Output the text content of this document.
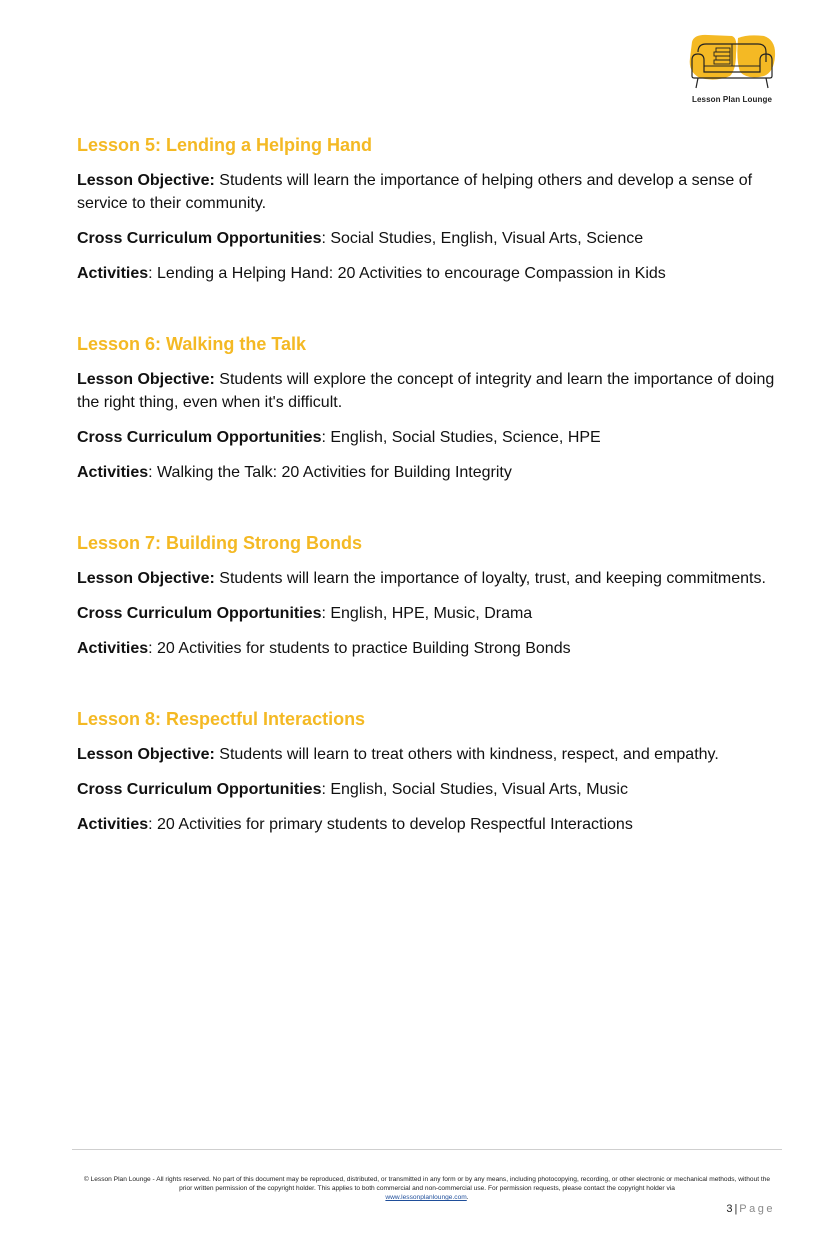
Lesson Plan Lounge
Lesson 5: Lending a Helping Hand

Lesson Objective: Students will learn the importance of helping others and develop a sense of service to their community.

Cross Curriculum Opportunities: Social Studies, English, Visual Arts, Science

Activities: Lending a Helping Hand: 20 Activities to encourage Compassion in Kids

Lesson 6: Walking the Talk

Lesson Objective: Students will explore the concept of integrity and learn the importance of doing the right thing, even when it's difficult.

Cross Curriculum Opportunities: English, Social Studies, Science, HPE

Activities: Walking the Talk: 20 Activities for Building Integrity

Lesson 7: Building Strong Bonds

Lesson Objective: Students will learn the importance of loyalty, trust, and keeping commitments.

Cross Curriculum Opportunities: English, HPE, Music, Drama

Activities: 20 Activities for students to practice Building Strong Bonds

Lesson 8: Respectful Interactions

Lesson Objective: Students will learn to treat others with kindness, respect, and empathy.

Cross Curriculum Opportunities: English, Social Studies, Visual Arts, Music

Activities: 20 Activities for primary students to develop Respectful Interactions

© Lesson Plan Lounge - All rights reserved. No part of this document may be reproduced, distributed, or transmitted in any form or by any means, including photocopying, recording, or other electronic or mechanical methods, without the prior written permission of the copyright holder. This applies to both commercial and non-commercial use. For permission requests, please contact the copyright holder via
www.lessonplanlounge.com.
3 | Page
